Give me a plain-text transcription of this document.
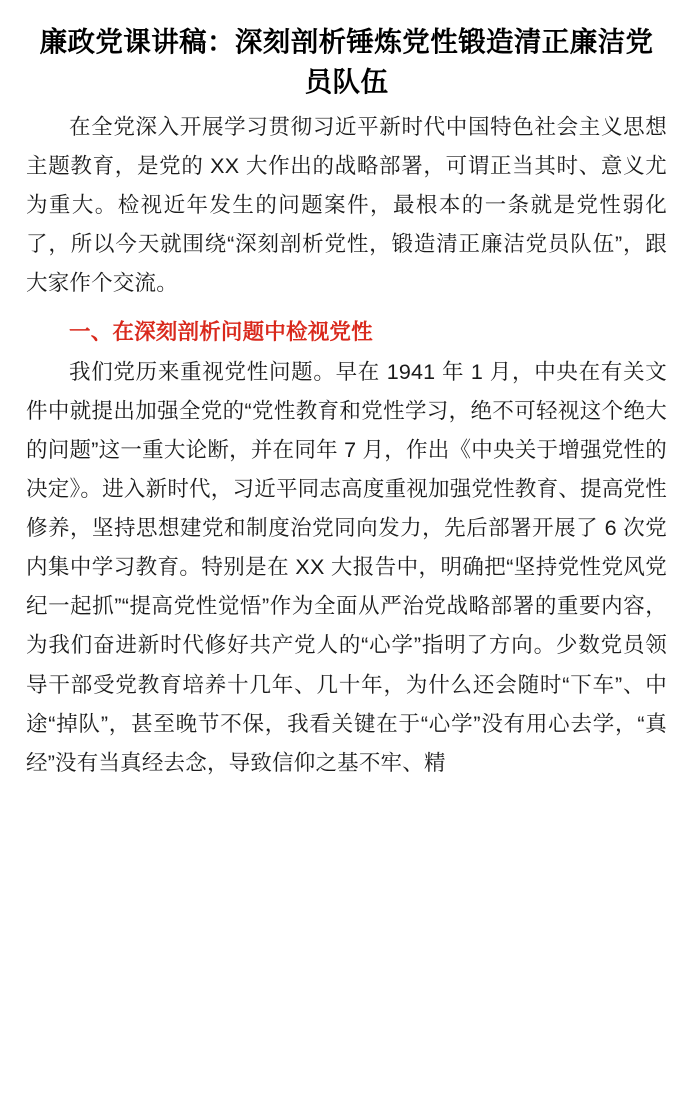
廉政党课讲稿：深刻剖析锤炼党性锻造清正廉洁党员队伍

在全党深入开展学习贯彻习近平新时代中国特色社会主义思想主题教育，是党的 XX 大作出的战略部署，可谓正当其时、意义尤为重大。检视近年发生的问题案件，最根本的一条就是党性弱化了，所以今天就围绕“深刻剖析党性，锻造清正廉洁党员队伍”，跟大家作个交流。

一、在深刻剖析问题中检视党性

我们党历来重视党性问题。早在 1941 年 1 月，中央在有关文件中就提出加强全党的“党性教育和党性学习，绝不可轻视这个绝大的问题”这一重大论断，并在同年 7 月，作出《中央关于增强党性的决定》。进入新时代，习近平同志高度重视加强党性教育、提高党性修养，坚持思想建党和制度治党同向发力，先后部署开展了 6 次党内集中学习教育。特别是在 XX 大报告中，明确把“坚持党性党风党纪一起抓”“提高党性觉悟”作为全面从严治党战略部署的重要内容，为我们奋进新时代修好共产党人的“心学”指明了方向。少数党员领导干部受党教育培养十几年、几十年，为什么还会随时“下车”、中途“掉队”，甚至晚节不保，我看关键在于“心学”没有用心去学，“真经”没有当真经去念，导致信仰之基不牢、精
